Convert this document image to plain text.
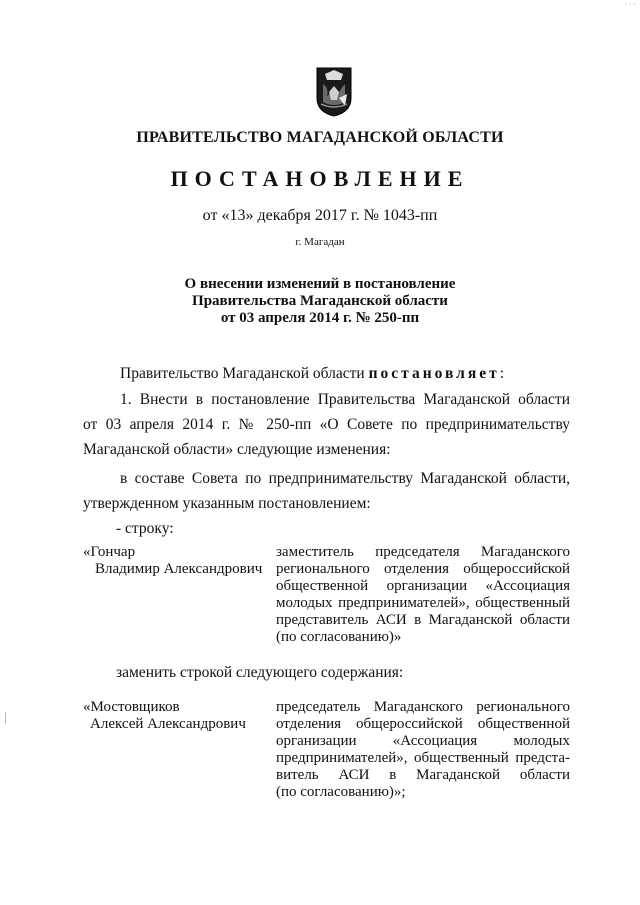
· · ·
ПРАВИТЕЛЬСТВО МАГАДАНСКОЙ ОБЛАСТИ
ПОСТАНОВЛЕНИЕ
от «13» декабря 2017 г. № 1043-пп
г. Магадан
О внесении изменений в постановление
Правительства Магаданской области
от 03 апреля 2014 г. № 250-пп
Правительство Магаданской области постановляет:
1. Внести в постановление Правительства Магаданской области
от 03 апреля 2014 г. № 250-пп «О Совете по предпринимательству
Магаданской области» следующие изменения:
в составе Совета по предпринимательству Магаданской области,
утвержденном указанным постановлением:
- строку:
«Гончар
Владимир Александрович
заместитель председателя Магаданского
регионального отделения общероссийской
общественной организации «Ассоциация
молодых предпринимателей», общественный
представитель АСИ в Магаданской области
(по согласованию)»
заменить строкой следующего содержания:
«Мостовщиков
Алексей Александрович
председатель Магаданского регионального
отделения общероссийской общественной
организации «Ассоциация молодых
предпринимателей», общественный предста-
витель АСИ в Магаданской области
(по согласованию)»;
